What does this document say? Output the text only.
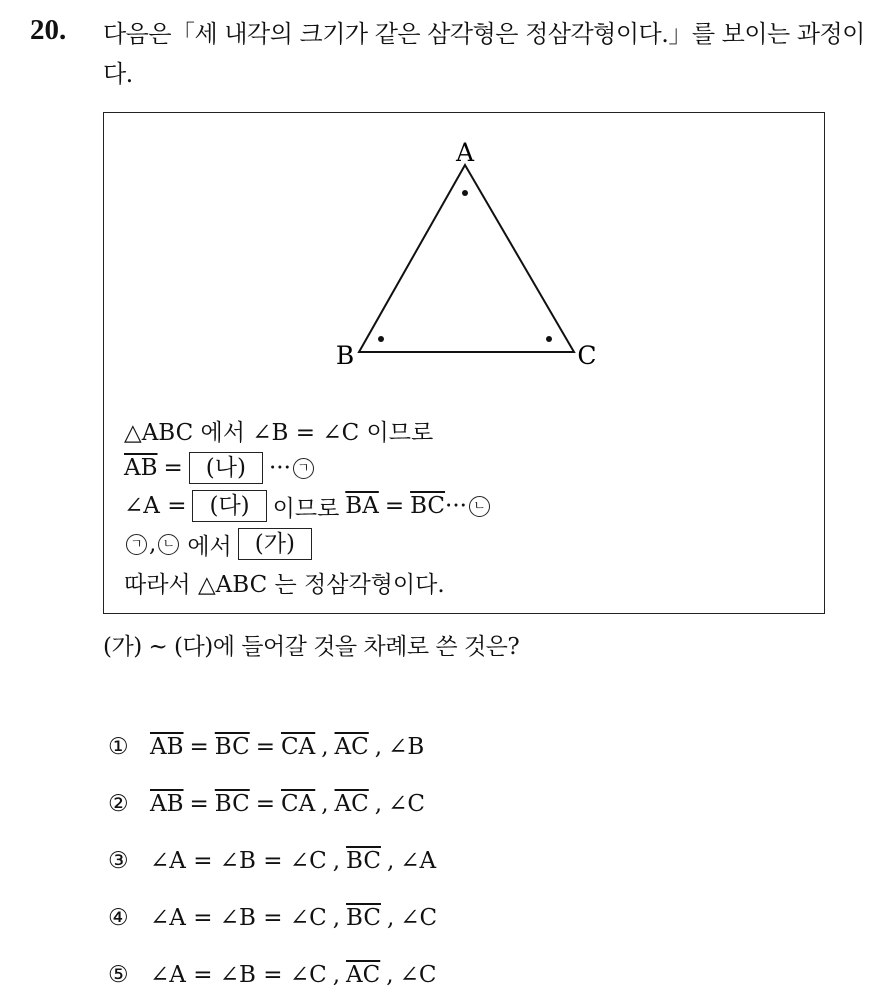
20. 다음은「세 내각의 크기가 같은 삼각형은 정삼각형이다.」를 보이는 과정이다.
A
B	C
△ABC 에서 ∠B = ∠C 이므로
$\overline{AB}$ =	(나)	··· ㄱ
∠A =	(다)	이므로 $\overline{BA} = \overline{BC}$ ··· ㄴ
ㄱ , ㄴ 에서	(가)
따라서 △ABC 는 정삼각형이다.
(가) ~ (다)에 들어갈 것을 차례로 쓴 것은?
① $\overline{AB} = \overline{BC} = \overline{CA}$ , $\overline{AC}$ , ∠B
② $\overline{AB} = \overline{BC} = \overline{CA}$ , $\overline{AC}$ , ∠C
③ ∠A = ∠B = ∠C , $\overline{BC}$ , ∠A
④ ∠A = ∠B = ∠C , $\overline{BC}$ , ∠C
⑤ ∠A = ∠B = ∠C , $\overline{AC}$ , ∠C
